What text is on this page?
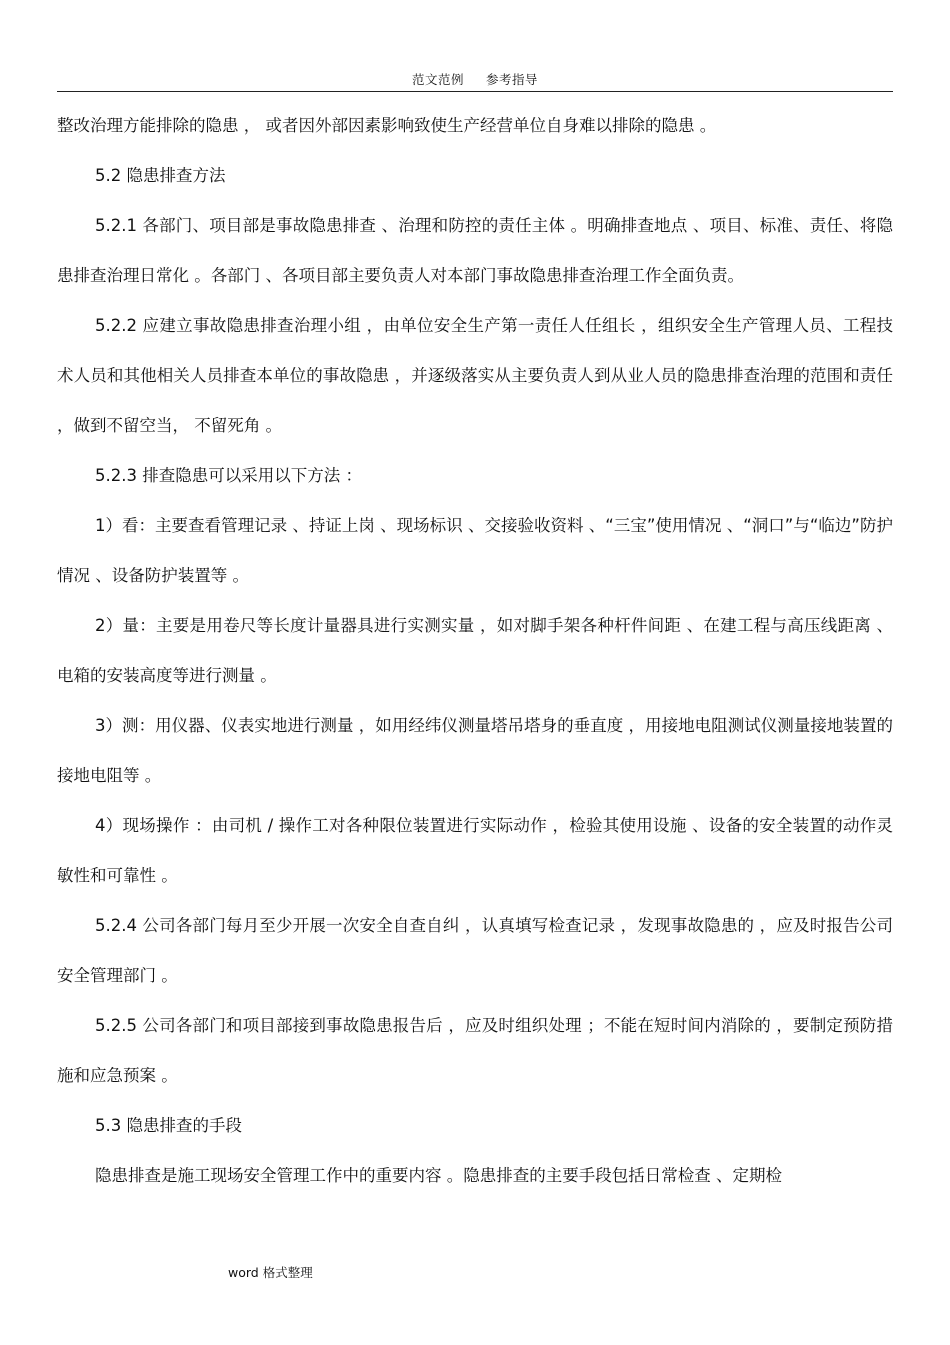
范文范例 参考指导

整改治理方能排除的隐患 ， 或者因外部因素影响致使生产经营单位自身难以排除的隐患 。

5.2 隐患排查方法

5.2.1 各部门、项目部是事故隐患排查 、治理和防控的责任主体 。明确排查地点 、项目、标准、责任、将隐患排查治理日常化 。各部门 、各项目部主要负责人对本部门事故隐患排查治理工作全面负责。

5.2.2 应建立事故隐患排查治理小组 ，由单位安全生产第一责任人任组长 ，组织安全生产管理人员、工程技术人员和其他相关人员排查本单位的事故隐患 ，并逐级落实从主要负责人到从业人员的隐患排查治理的范围和责任 ，做到不留空当， 不留死角 。

5.2.3 排查隐患可以采用以下方法 ：

1）看：主要查看管理记录 、持证上岗 、现场标识 、交接验收资料 、“三宝”使用情况 、“洞口”与“临边”防护情况 、设备防护装置等 。

2）量：主要是用卷尺等长度计量器具进行实测实量 ，如对脚手架各种杆件间距 、在建工程与高压线距离 、电箱的安装高度等进行测量 。

3）测：用仪器、仪表实地进行测量 ，如用经纬仪测量塔吊塔身的垂直度 ，用接地电阻测试仪测量接地装置的接地电阻等 。

4）现场操作 ：由司机 / 操作工对各种限位装置进行实际动作 ，检验其使用设施 、设备的安全装置的动作灵敏性和可靠性 。

5.2.4 公司各部门每月至少开展一次安全自查自纠 ，认真填写检查记录 ，发现事故隐患的 ，应及时报告公司安全管理部门 。

5.2.5 公司各部门和项目部接到事故隐患报告后 ，应及时组织处理 ；不能在短时间内消除的 ，要制定预防措施和应急预案 。

5.3 隐患排查的手段

隐患排查是施工现场安全管理工作中的重要内容 。隐患排查的主要手段包括日常检查 、定期检

word 格式整理
